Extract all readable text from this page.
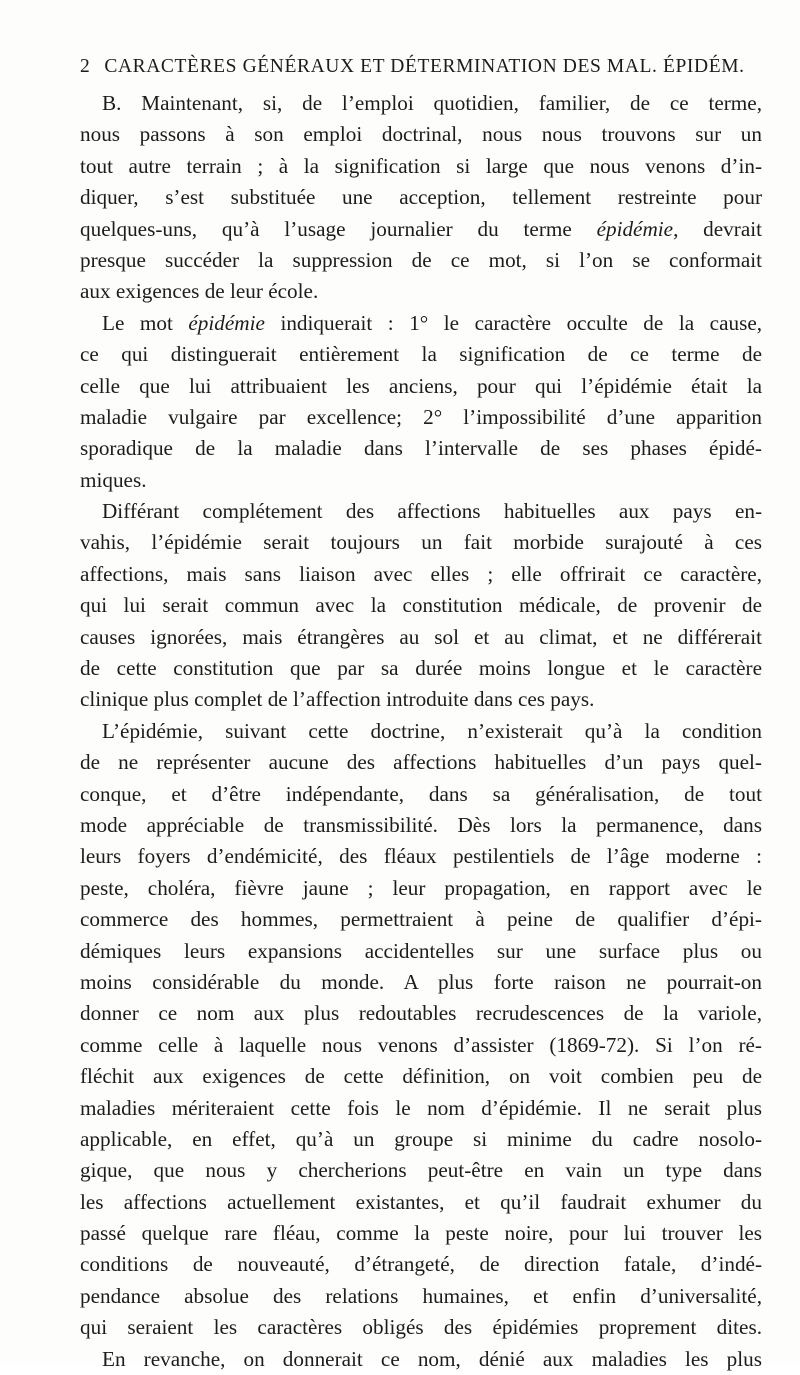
2 CARACTÈRES GÉNÉRAUX ET DÉTERMINATION DES MAL. ÉPIDÉM.
B. Maintenant, si, de l’emploi quotidien, familier, de ce terme,
nous passons à son emploi doctrinal, nous nous trouvons sur un
tout autre terrain ; à la signification si large que nous venons d’in-
diquer, s’est substituée une acception, tellement restreinte pour
quelques-uns, qu’à l’usage journalier du terme épidémie, devrait
presque succéder la suppression de ce mot, si l’on se conformait
aux exigences de leur école.
Le mot épidémie indiquerait : 1° le caractère occulte de la cause,
ce qui distinguerait entièrement la signification de ce terme de
celle que lui attribuaient les anciens, pour qui l’épidémie était la
maladie vulgaire par excellence; 2° l’impossibilité d’une apparition
sporadique de la maladie dans l’intervalle de ses phases épidé-
miques.
Différant complétement des affections habituelles aux pays en-
vahis, l’épidémie serait toujours un fait morbide surajouté à ces
affections, mais sans liaison avec elles ; elle offrirait ce caractère,
qui lui serait commun avec la constitution médicale, de provenir de
causes ignorées, mais étrangères au sol et au climat, et ne différerait
de cette constitution que par sa durée moins longue et le caractère
clinique plus complet de l’affection introduite dans ces pays.
L’épidémie, suivant cette doctrine, n’existerait qu’à la condition
de ne représenter aucune des affections habituelles d’un pays quel-
conque, et d’être indépendante, dans sa généralisation, de tout
mode appréciable de transmissibilité. Dès lors la permanence, dans
leurs foyers d’endémicité, des fléaux pestilentiels de l’âge moderne :
peste, choléra, fièvre jaune ; leur propagation, en rapport avec le
commerce des hommes, permettraient à peine de qualifier d’épi-
démiques leurs expansions accidentelles sur une surface plus ou
moins considérable du monde. A plus forte raison ne pourrait-on
donner ce nom aux plus redoutables recrudescences de la variole,
comme celle à laquelle nous venons d’assister (1869-72). Si l’on ré-
fléchit aux exigences de cette définition, on voit combien peu de
maladies mériteraient cette fois le nom d’épidémie. Il ne serait plus
applicable, en effet, qu’à un groupe si minime du cadre nosolo-
gique, que nous y chercherions peut-être en vain un type dans
les affections actuellement existantes, et qu’il faudrait exhumer du
passé quelque rare fléau, comme la peste noire, pour lui trouver les
conditions de nouveauté, d’étrangeté, de direction fatale, d’indé-
pendance absolue des relations humaines, et enfin d’universalité,
qui seraient les caractères obligés des épidémies proprement dites.
En revanche, on donnerait ce nom, dénié aux maladies les plus
